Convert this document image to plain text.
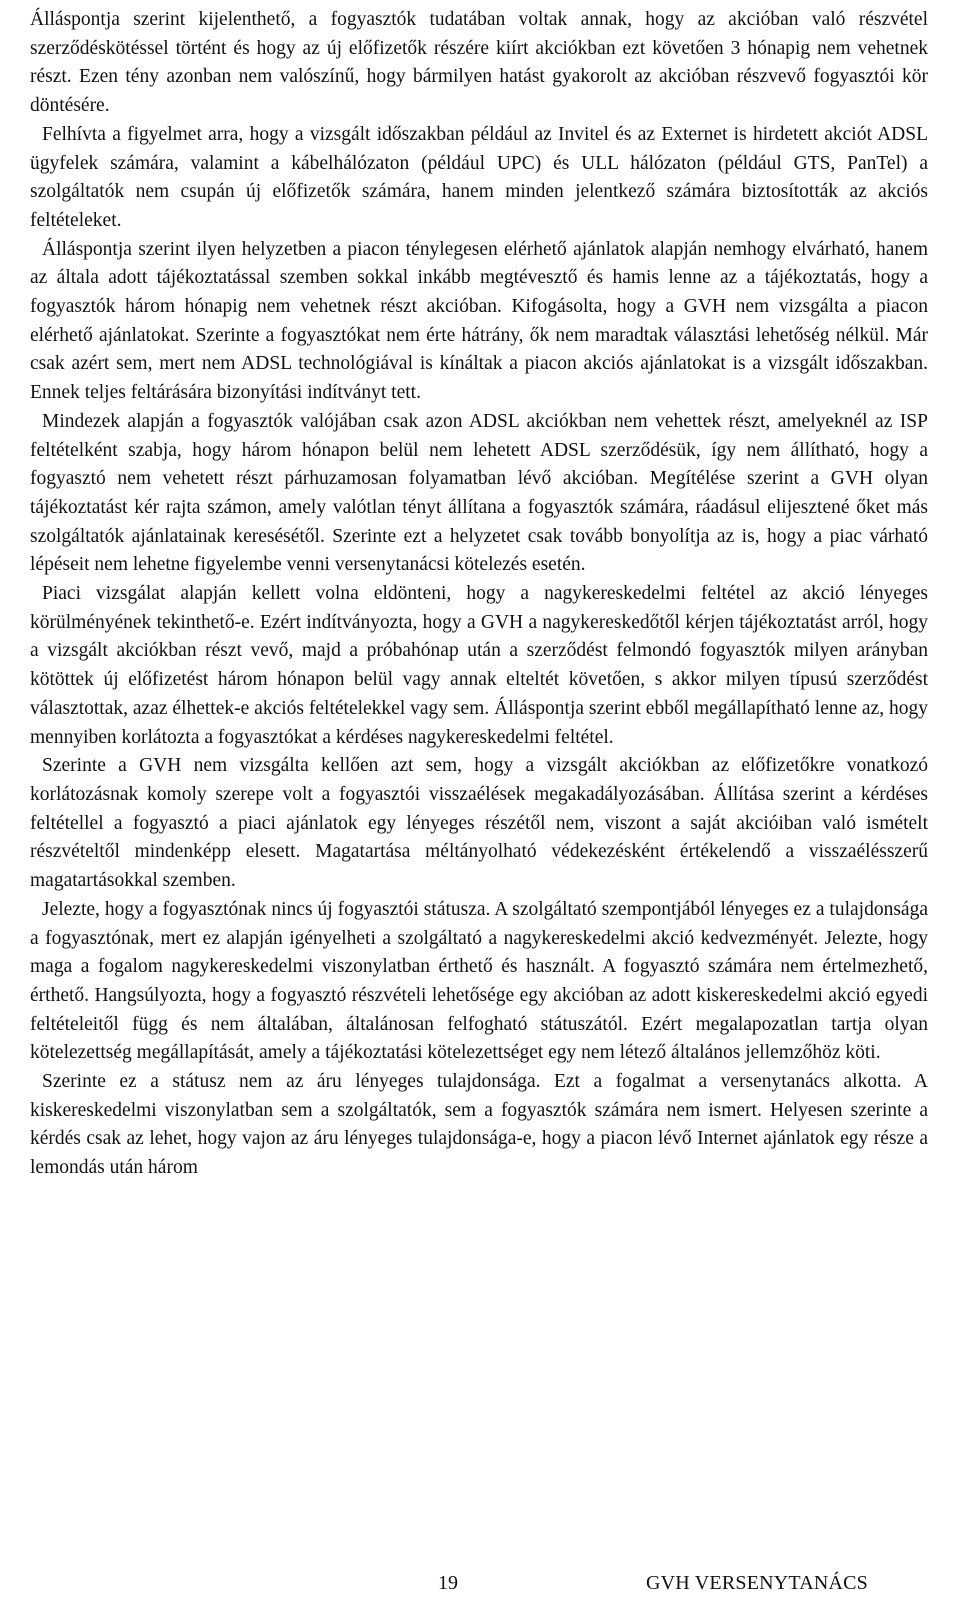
Álláspontja szerint kijelenthető, a fogyasztók tudatában voltak annak, hogy az akcióban való részvétel szerződéskötéssel történt és hogy az új előfizetők részére kiírt akciókban ezt követően 3 hónapig nem vehetnek részt. Ezen tény azonban nem valószínű, hogy bármilyen hatást gyakorolt az akcióban részvevő fogyasztói kör döntésére.

Felhívta a figyelmet arra, hogy a vizsgált időszakban például az Invitel és az Externet is hirdetett akciót ADSL ügyfelek számára, valamint a kábelhálózaton (például UPC) és ULL hálózaton (például GTS, PanTel) a szolgáltatók nem csupán új előfizetők számára, hanem minden jelentkező számára biztosították az akciós feltételeket.

Álláspontja szerint ilyen helyzetben a piacon ténylegesen elérhető ajánlatok alapján nemhogy elvárható, hanem az általa adott tájékoztatással szemben sokkal inkább megtévesztő és hamis lenne az a tájékoztatás, hogy a fogyasztók három hónapig nem vehetnek részt akcióban. Kifogásolta, hogy a GVH nem vizsgálta a piacon elérhető ajánlatokat. Szerinte a fogyasztókat nem érte hátrány, ők nem maradtak választási lehetőség nélkül. Már csak azért sem, mert nem ADSL technológiával is kínáltak a piacon akciós ajánlatokat is a vizsgált időszakban. Ennek teljes feltárására bizonyítási indítványt tett.

Mindezek alapján a fogyasztók valójában csak azon ADSL akciókban nem vehettek részt, amelyeknél az ISP feltételként szabja, hogy három hónapon belül nem lehetett ADSL szerződésük, így nem állítható, hogy a fogyasztó nem vehetett részt párhuzamosan folyamatban lévő akcióban. Megítélése szerint a GVH olyan tájékoztatást kér rajta számon, amely valótlan tényt állítana a fogyasztók számára, ráadásul elijesztené őket más szolgáltatók ajánlatainak keresésétől. Szerinte ezt a helyzetet csak tovább bonyolítja az is, hogy a piac várható lépéseit nem lehetne figyelembe venni versenytanácsi kötelezés esetén.

Piaci vizsgálat alapján kellett volna eldönteni, hogy a nagykereskedelmi feltétel az akció lényeges körülményének tekinthető-e. Ezért indítványozta, hogy a GVH a nagykereskedőtől kérjen tájékoztatást arról, hogy a vizsgált akciókban részt vevő, majd a próbahónap után a szerződést felmondó fogyasztók milyen arányban kötöttek új előfizetést három hónapon belül vagy annak elteltét követően, s akkor milyen típusú szerződést választottak, azaz élhettek-e akciós feltételekkel vagy sem. Álláspontja szerint ebből megállapítható lenne az, hogy mennyiben korlátozta a fogyasztókat a kérdéses nagykereskedelmi feltétel.

Szerinte a GVH nem vizsgálta kellően azt sem, hogy a vizsgált akciókban az előfizetőkre vonatkozó korlátozásnak komoly szerepe volt a fogyasztói visszaélések megakadályozásában. Állítása szerint a kérdéses feltétellel a fogyasztó a piaci ajánlatok egy lényeges részétől nem, viszont a saját akcióiban való ismételt részvételtől mindenképp elesett. Magatartása méltányolható védekezésként értékelendő a visszaélésszerű magatartásokkal szemben.

Jelezte, hogy a fogyasztónak nincs új fogyasztói státusza. A szolgáltató szempontjából lényeges ez a tulajdonsága a fogyasztónak, mert ez alapján igényelheti a szolgáltató a nagykereskedelmi akció kedvezményét. Jelezte, hogy maga a fogalom nagykereskedelmi viszonylatban érthető és használt. A fogyasztó számára nem értelmezhető, érthető. Hangsúlyozta, hogy a fogyasztó részvételi lehetősége egy akcióban az adott kiskereskedelmi akció egyedi feltételeitől függ és nem általában, általánosan felfogható státuszától. Ezért megalapozatlan tartja olyan kötelezettség megállapítását, amely a tájékoztatási kötelezettséget egy nem létező általános jellemzőhöz köti.

Szerinte ez a státusz nem az áru lényeges tulajdonsága. Ezt a fogalmat a versenytanács alkotta. A kiskereskedelmi viszonylatban sem a szolgáltatók, sem a fogyasztók számára nem ismert. Helyesen szerinte a kérdés csak az lehet, hogy vajon az áru lényeges tulajdonsága-e, hogy a piacon lévő Internet ajánlatok egy része a lemondás után három

19	GVH VERSENYTANÁCS
